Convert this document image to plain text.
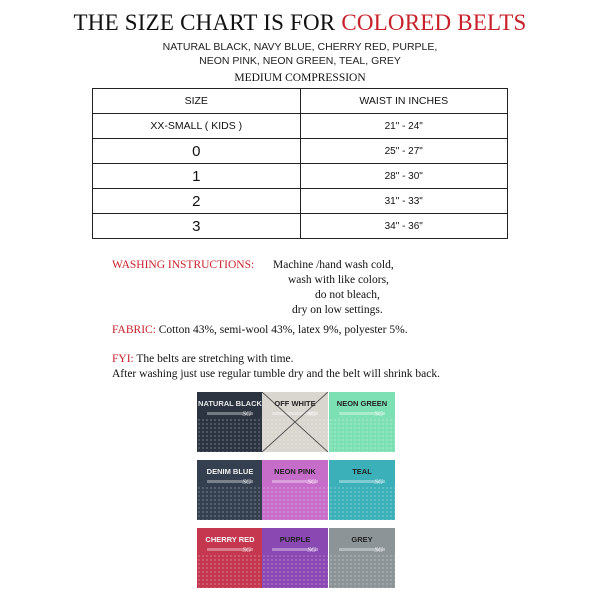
THE SIZE CHART IS FOR COLORED BELTS
NATURAL BLACK, NAVY BLUE, CHERRY RED, PURPLE,
NEON PINK, NEON GREEN, TEAL, GREY
MEDIUM COMPRESSION
SIZE	WAIST IN INCHES
XX-SMALL ( KIDS )	21" - 24"
0	25" - 27"
1	28" - 30"
2	31" - 33"
3	34" - 36"
WASHING INSTRUCTIONS: Machine /hand wash cold,
wash with like colors,
do not bleach,
dry on low settings.
FABRIC: Cotton 43%, semi-wool 43%, latex 9%, polyester 5%.
FYI: The belts are stretching with time.
After washing just use regular tumble dry and the belt will shrink back.
SG
NATURAL BLACK
SG
OFF WHITE
SG
NEON GREEN
SG
DENIM BLUE
SG
NEON PINK
SG
TEAL
SG
CHERRY RED
SG
PURPLE
SG
GREY
